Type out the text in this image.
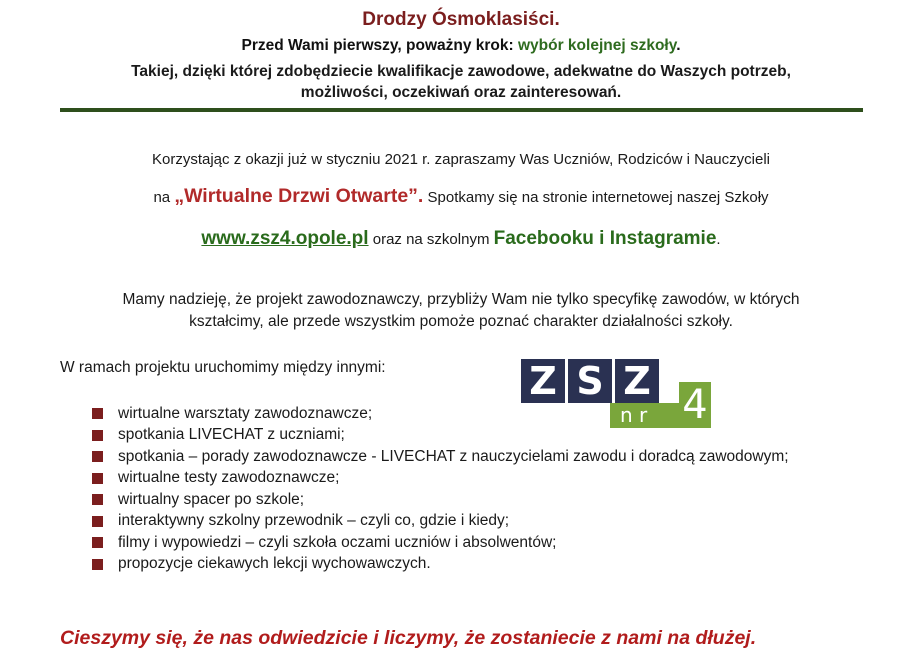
Drodzy Ósmoklasiści.
Przed Wami pierwszy, poważny krok: wybór kolejnej szkoły.
Takiej, dzięki której zdobędziecie kwalifikacje zawodowe, adekwatne do Waszych potrzeb,
możliwości, oczekiwań oraz zainteresowań.
Korzystając z okazji już w styczniu 2021 r. zapraszamy Was Uczniów, Rodziców i Nauczycieli
na „Wirtualne Drzwi Otwarte”. Spotkamy się na stronie internetowej naszej Szkoły
www.zsz4.opole.pl oraz na szkolnym Facebooku i Instagramie.
Mamy nadzieję, że projekt zawodoznawczy, przybliży Wam nie tylko specyfikę zawodów, w których
kształcimy, ale przede wszystkim pomoże poznać charakter działalności szkoły.
W ramach projektu uruchomimy między innymi:	Z S Z
n r 4
wirtualne warsztaty zawodoznawcze;
spotkania LIVECHAT z uczniami;
spotkania – porady zawodoznawcze - LIVECHAT z nauczycielami zawodu i doradcą zawodowym;
wirtualne testy zawodoznawcze;
wirtualny spacer po szkole;
interaktywny szkolny przewodnik – czyli co, gdzie i kiedy;
filmy i wypowiedzi – czyli szkoła oczami uczniów i absolwentów;
propozycje ciekawych lekcji wychowawczych.
Cieszymy się, że nas odwiedzicie i liczymy, że zostaniecie z nami na dłużej.
